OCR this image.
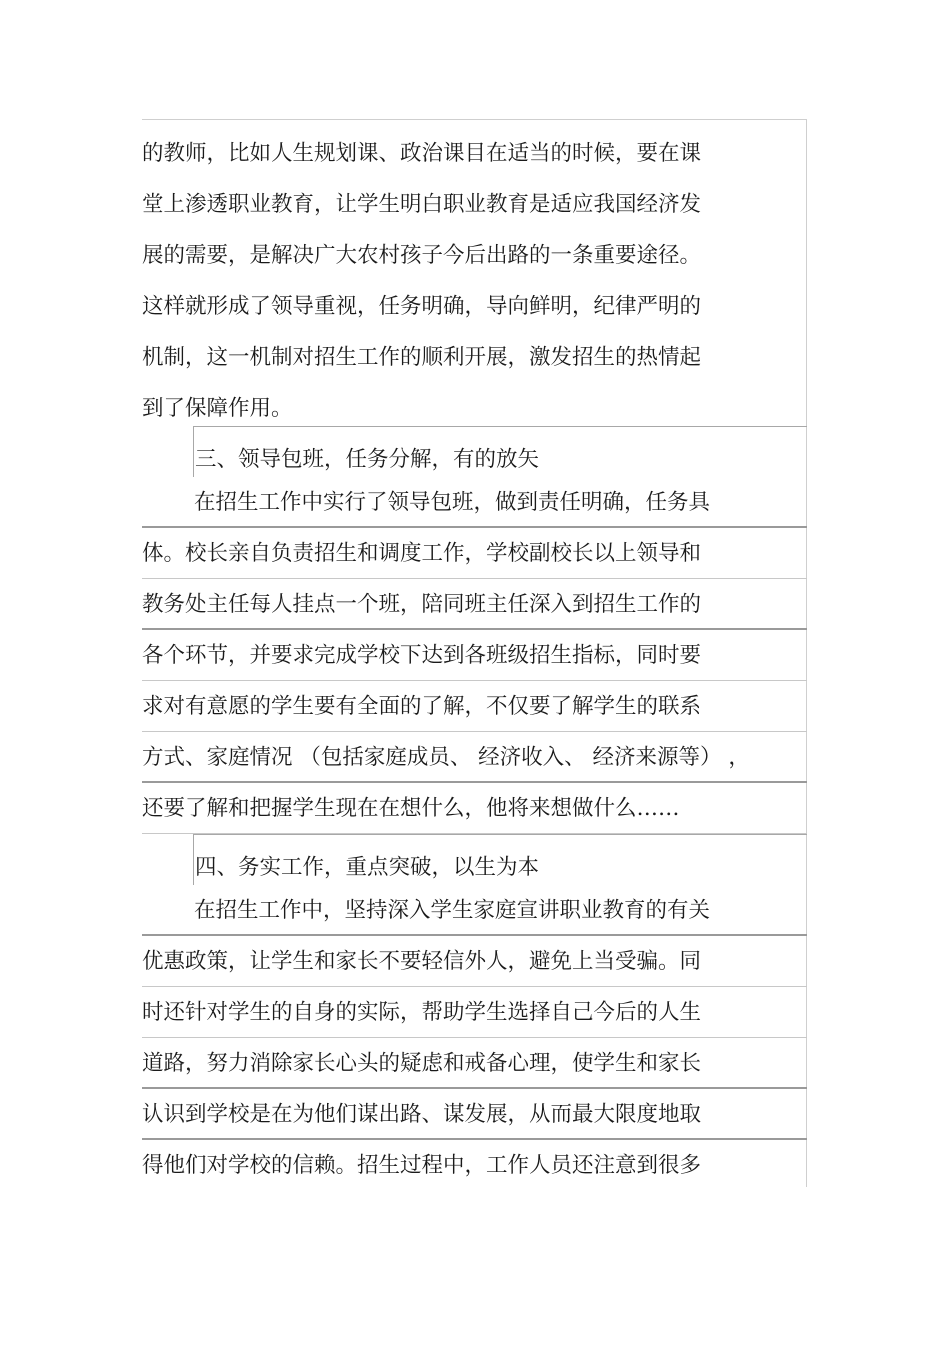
的教师，比如人生规划课、政治课目在适当的时候，要在课
堂上渗透职业教育，让学生明白职业教育是适应我国经济发
展的需要，是解决广大农村孩子今后出路的一条重要途径。
这样就形成了领导重视，任务明确，导向鲜明，纪律严明的
机制，这一机制对招生工作的顺利开展，激发招生的热情起
到了保障作用。
三、领导包班，任务分解，有的放矢
在招生工作中实行了领导包班，做到责任明确，任务具
体。校长亲自负责招生和调度工作，学校副校长以上领导和
教务处主任每人挂点一个班，陪同班主任深入到招生工作的
各个环节，并要求完成学校下达到各班级招生指标，同时要
求对有意愿的学生要有全面的了解，不仅要了解学生的联系
方式、家庭情况 （包括家庭成员、 经济收入、 经济来源等） ，
还要了解和把握学生现在在想什么，他将来想做什么……
四、务实工作，重点突破，以生为本
在招生工作中，坚持深入学生家庭宣讲职业教育的有关
优惠政策，让学生和家长不要轻信外人，避免上当受骗。同
时还针对学生的自身的实际，帮助学生选择自己今后的人生
道路，努力消除家长心头的疑虑和戒备心理，使学生和家长
认识到学校是在为他们谋出路、谋发展，从而最大限度地取
得他们对学校的信赖。招生过程中，工作人员还注意到很多
